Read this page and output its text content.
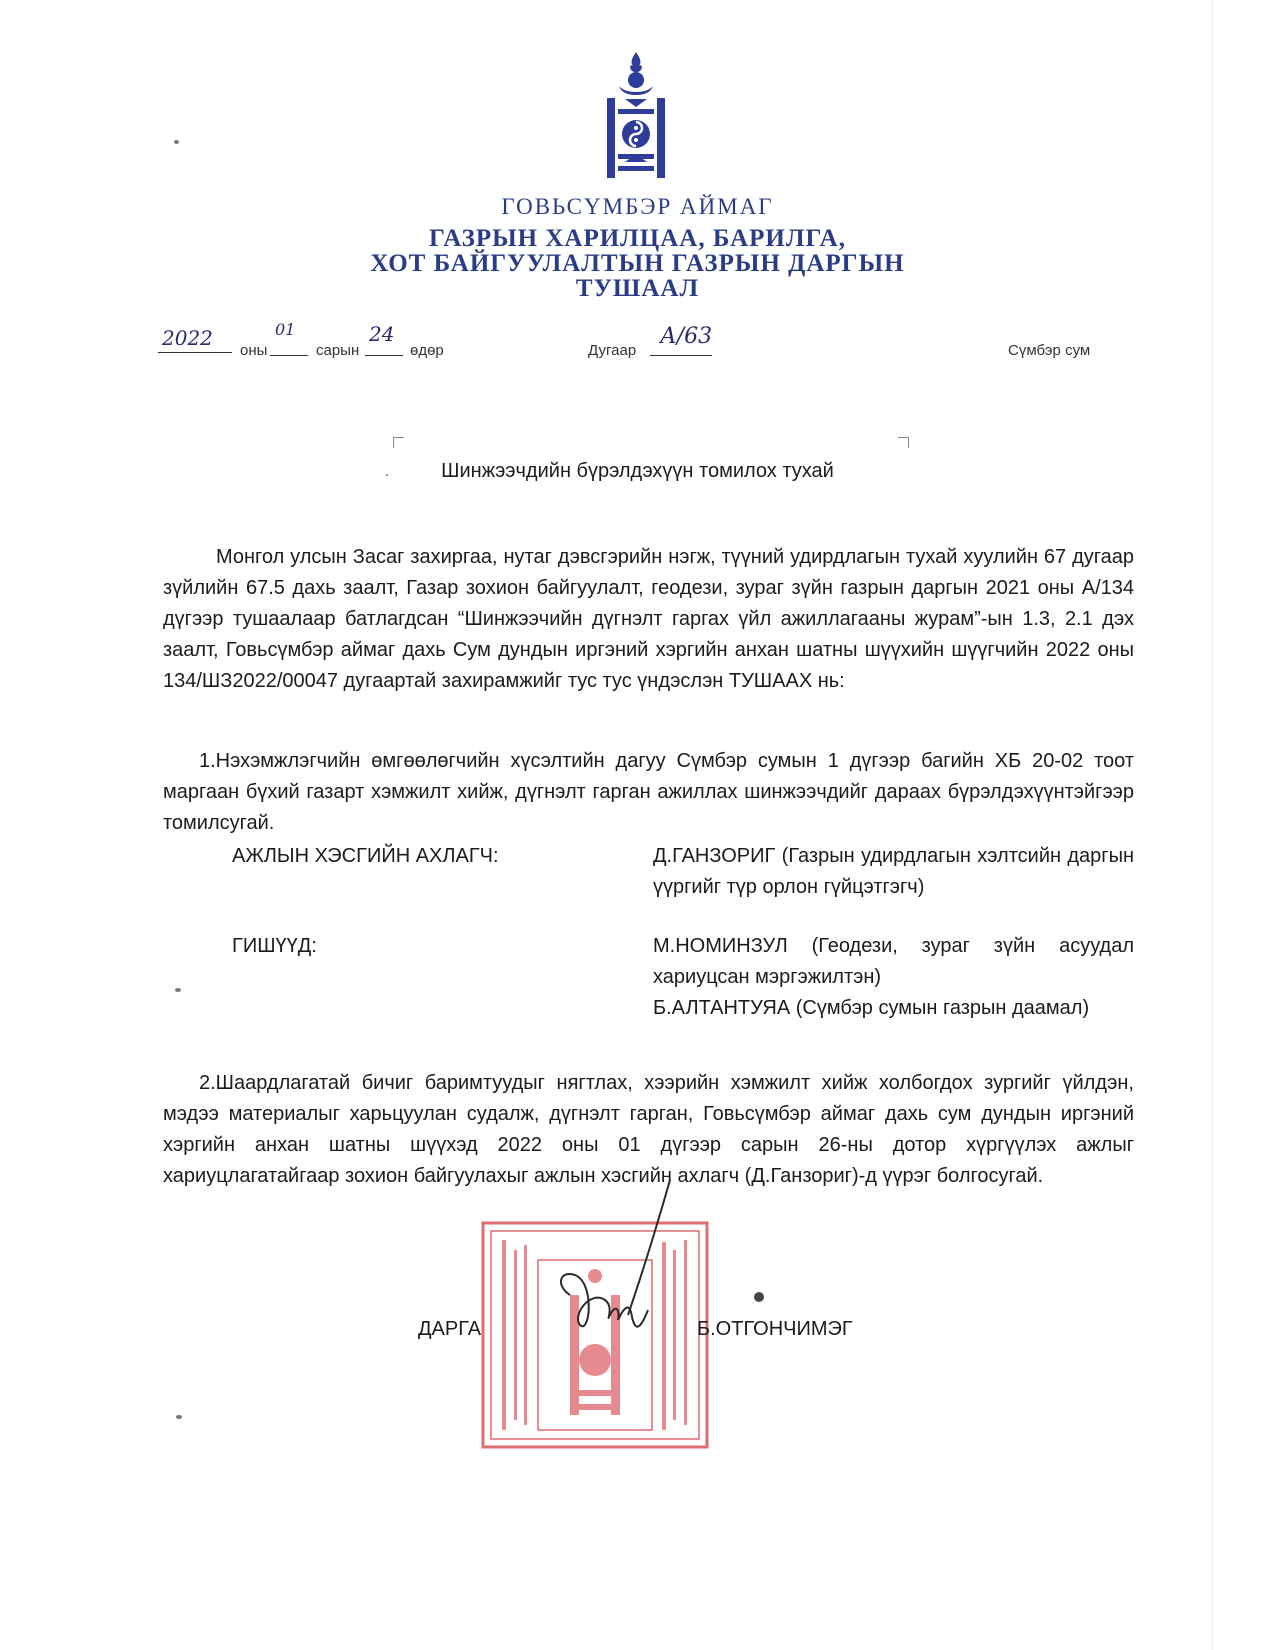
ГОВЬСҮМБЭР АЙМАГ
ГАЗРЫН ХАРИЛЦАА, БАРИЛГА,
ХОТ БАЙГУУЛАЛТЫН ГАЗРЫН ДАРГЫН
ТУШААЛ
2022
оны
01
сарын
24
өдөр	Дугаар
А/63
Сүмбэр сум
Шинжээчдийн бүрэлдэхүүн томилох тухай

Монгол улсын Засаг захиргаа, нутаг дэвсгэрийн нэгж, түүний удирдлагын тухай хуулийн 67 дугаар зүйлийн 67.5 дахь заалт, Газар зохион байгуулалт, геодези, зураг зүйн газрын даргын 2021 оны А/134 дүгээр тушаалаар батлагдсан “Шинжээчийн дүгнэлт гаргах үйл ажиллагааны журам”-ын 1.3, 2.1 дэх заалт, Говьсүмбэр аймаг дахь Сум дундын иргэний хэргийн анхан шатны шүүхийн шүүгчийн 2022 оны 134/ШЗ2022/00047 дугаартай захирамжийг тус тус үндэслэн ТУШААХ нь:

1.Нэхэмжлэгчийн өмгөөлөгчийн хүсэлтийн дагуу Сүмбэр сумын 1 дүгээр багийн ХБ 20-02 тоот маргаан бүхий газарт хэмжилт хийж, дүгнэлт гарган ажиллах шинжээчдийг дараах бүрэлдэхүүнтэйгээр томилсугай.

АЖЛЫН ХЭСГИЙН АХЛАГЧ:	Д.ГАНЗОРИГ (Газрын удирдлагын хэлтсийн даргын үүргийг түр орлон гүйцэтгэгч)
ГИШҮҮД:	М.НОМИНЗУЛ (Геодези, зураг зүйн асуудал хариуцсан мэргэжилтэн)
Б.АЛТАНТУЯА (Сүмбэр сумын газрын даамал)

2.Шаардлагатай бичиг баримтуудыг нягтлах, хээрийн хэмжилт хийж холбогдох зургийг үйлдэн, мэдээ материалыг харьцуулан судалж, дүгнэлт гарган, Говьсүмбэр аймаг дахь сум дундын иргэний хэргийн анхан шатны шүүхэд 2022 оны 01 дүгээр сарын 26-ны дотор хүргүүлэх ажлыг хариуцлагатайгаар зохион байгуулахыг ажлын хэсгийн ахлагч (Д.Ганзориг)-д үүрэг болгосугай.

ДАРГА	Б.ОТГОНЧИМЭГ
